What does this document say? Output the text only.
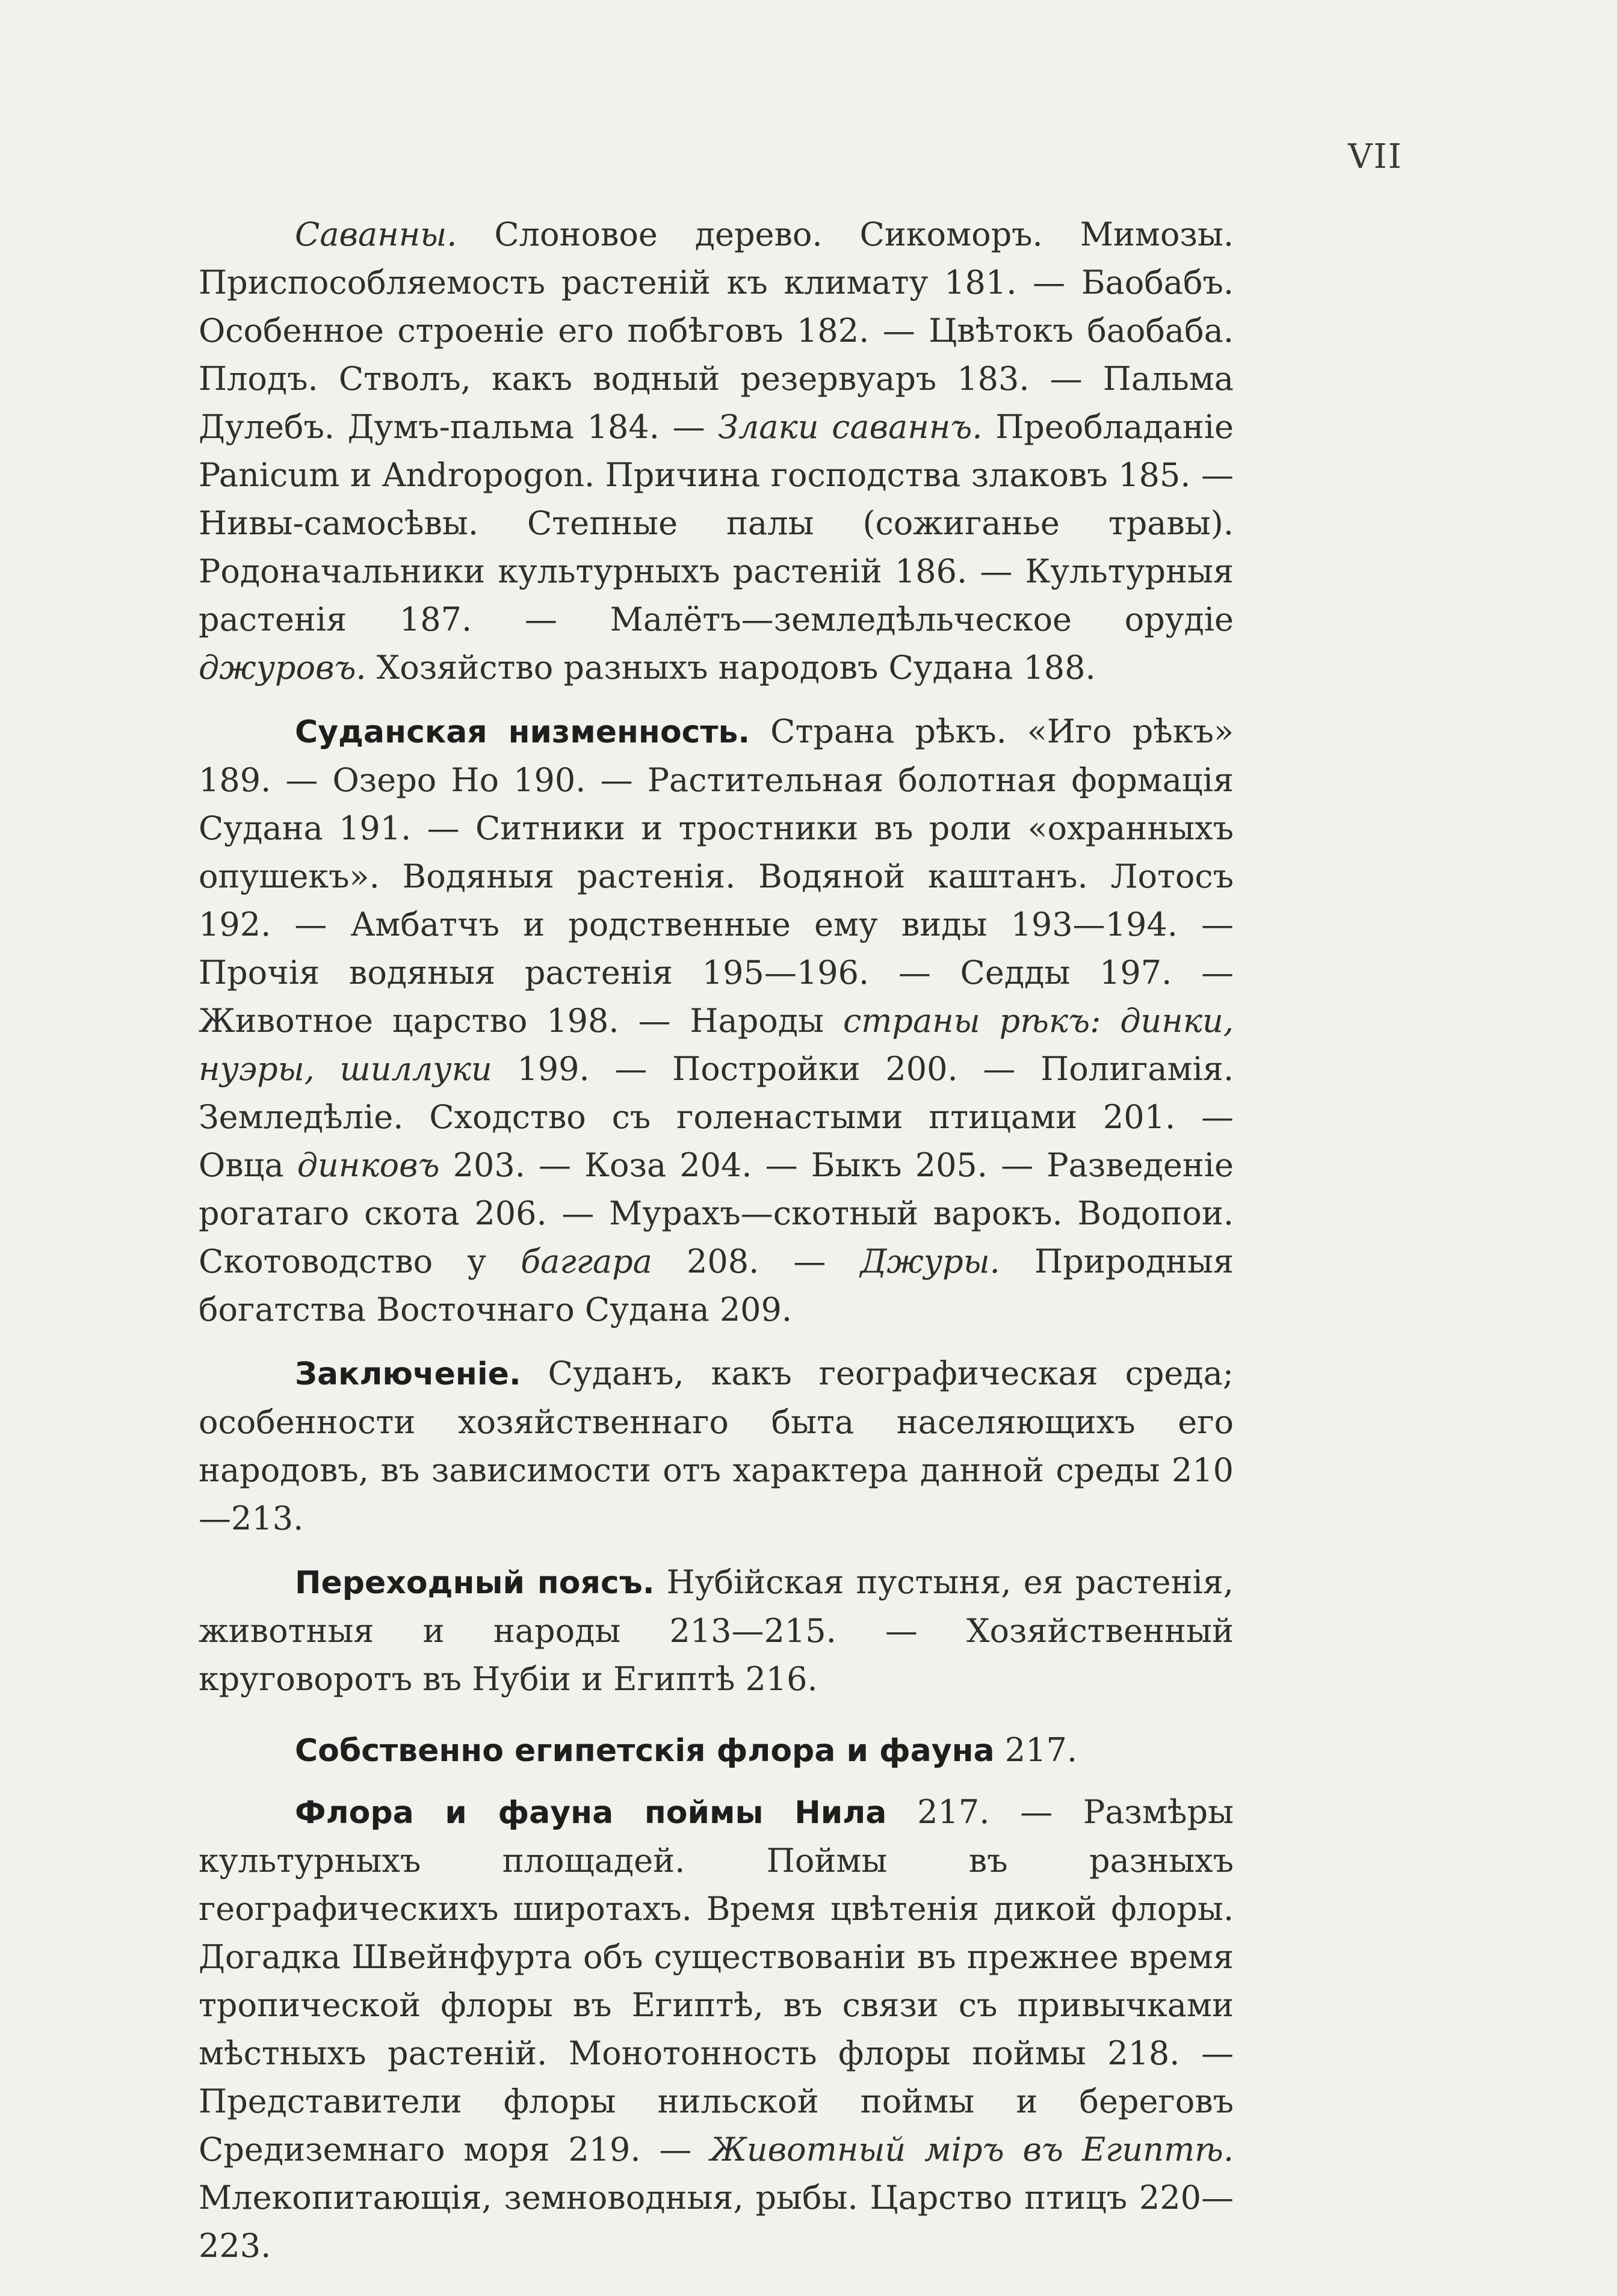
VII

Саванны. Слоновое дерево. Сикоморъ. Мимозы. Приспособляемость растеній къ климату 181. — Баобабъ. Особенное строеніе его побѣговъ 182. — Цвѣтокъ баобаба. Плодъ. Стволъ, какъ водный резервуаръ 183. — Пальма Дулебъ. Думъ-пальма 184. — Злаки саваннъ. Преобладаніе Panicum и Andropogon. Причина господства злаковъ 185. — Нивы-самосѣвы. Степные палы (сожиганье травы). Родоначальники культурныхъ растеній 186. — Культурныя растенія 187. — Малётъ—земледѣльческое орудіе джуровъ. Хозяйство разныхъ народовъ Судана 188.

Суданская низменность. Страна рѣкъ. «Иго рѣкъ» 189. — Озеро Но 190. — Растительная болотная формація Судана 191. — Ситники и тростники въ роли «охранныхъ опушекъ». Водяныя растенія. Водяной каштанъ. Лотосъ 192. — Амбатчъ и родственные ему виды 193—194. — Прочія водяныя растенія 195—196. — Седды 197. — Животное царство 198. — Народы страны рѣкъ: динки, нуэры, шиллуки 199. — Постройки 200. — Полигамія. Земледѣліе. Сходство съ голенастыми птицами 201. — Овца динковъ 203. — Коза 204. — Быкъ 205. — Разведеніе рогатаго скота 206. — Мурахъ—скотный варокъ. Водопои. Скотоводство у баггара 208. — Джуры. Природныя богатства Восточнаго Судана 209.

Заключеніе. Суданъ, какъ географическая среда; особенности хозяйственнаго быта населяющихъ его народовъ, въ зависимости отъ характера данной среды 210—213.

Переходный поясъ. Нубійская пустыня, ея растенія, животныя и народы 213—215. — Хозяйственный круговоротъ въ Нубіи и Египтѣ 216.

Собственно египетскія флора и фауна 217.

Флора и фауна поймы Нила 217. — Размѣры культурныхъ площадей. Поймы въ разныхъ географическихъ широтахъ. Время цвѣтенія дикой флоры. Догадка Швейнфурта объ существованіи въ прежнее время тропической флоры въ Египтѣ, въ связи съ привычками мѣстныхъ растеній. Монотонность флоры поймы 218. — Представители флоры нильской поймы и береговъ Средиземнаго моря 219. — Животный міръ въ Египтѣ. Млекопитающія, земноводныя, рыбы. Царство птицъ 220—223.
